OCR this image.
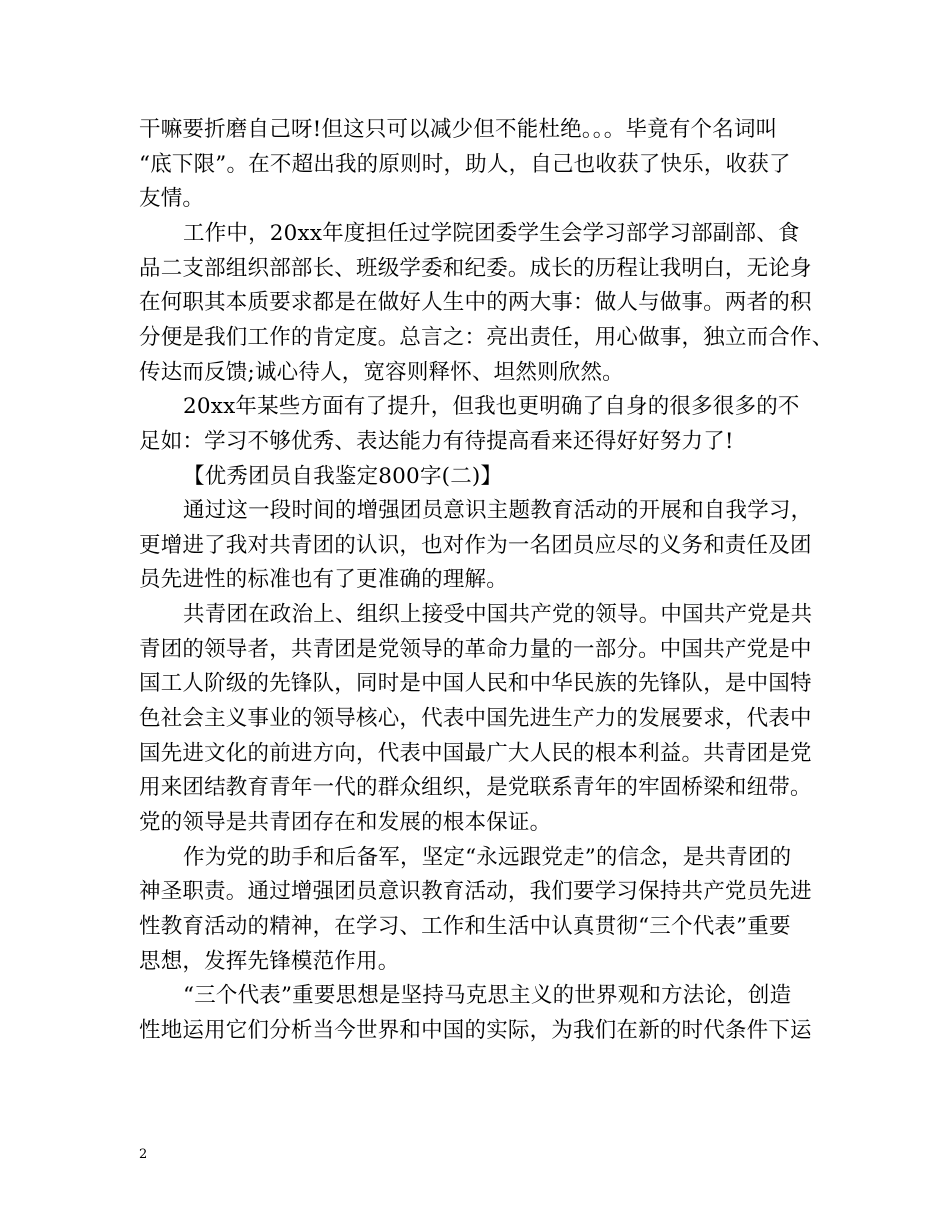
干嘛要折磨自己呀!但这只可以减少但不能杜绝。。。毕竟有个名词叫
“底下限”。在不超出我的原则时，助人，自己也收获了快乐，收获了
友情。
工作中，20xx年度担任过学院团委学生会学习部学习部副部、食
品二支部组织部部长、班级学委和纪委。成长的历程让我明白，无论身
在何职其本质要求都是在做好人生中的两大事：做人与做事。两者的积
分便是我们工作的肯定度。总言之：亮出责任，用心做事，独立而合作、
传达而反馈;诚心待人，宽容则释怀、坦然则欣然。
20xx年某些方面有了提升，但我也更明确了自身的很多很多的不
足如：学习不够优秀、表达能力有待提高看来还得好好努力了!
【优秀团员自我鉴定800字(二)】
通过这一段时间的增强团员意识主题教育活动的开展和自我学习，
更增进了我对共青团的认识，也对作为一名团员应尽的义务和责任及团
员先进性的标准也有了更准确的理解。
共青团在政治上、组织上接受中国共产党的领导。中国共产党是共
青团的领导者，共青团是党领导的革命力量的一部分。中国共产党是中
国工人阶级的先锋队，同时是中国人民和中华民族的先锋队，是中国特
色社会主义事业的领导核心，代表中国先进生产力的发展要求，代表中
国先进文化的前进方向，代表中国最广大人民的根本利益。共青团是党
用来团结教育青年一代的群众组织，是党联系青年的牢固桥梁和纽带。
党的领导是共青团存在和发展的根本保证。
作为党的助手和后备军，坚定“永远跟党走”的信念，是共青团的
神圣职责。通过增强团员意识教育活动，我们要学习保持共产党员先进
性教育活动的精神，在学习、工作和生活中认真贯彻“三个代表”重要
思想，发挥先锋模范作用。
“三个代表”重要思想是坚持马克思主义的世界观和方法论，创造
性地运用它们分析当今世界和中国的实际，为我们在新的时代条件下运
2
